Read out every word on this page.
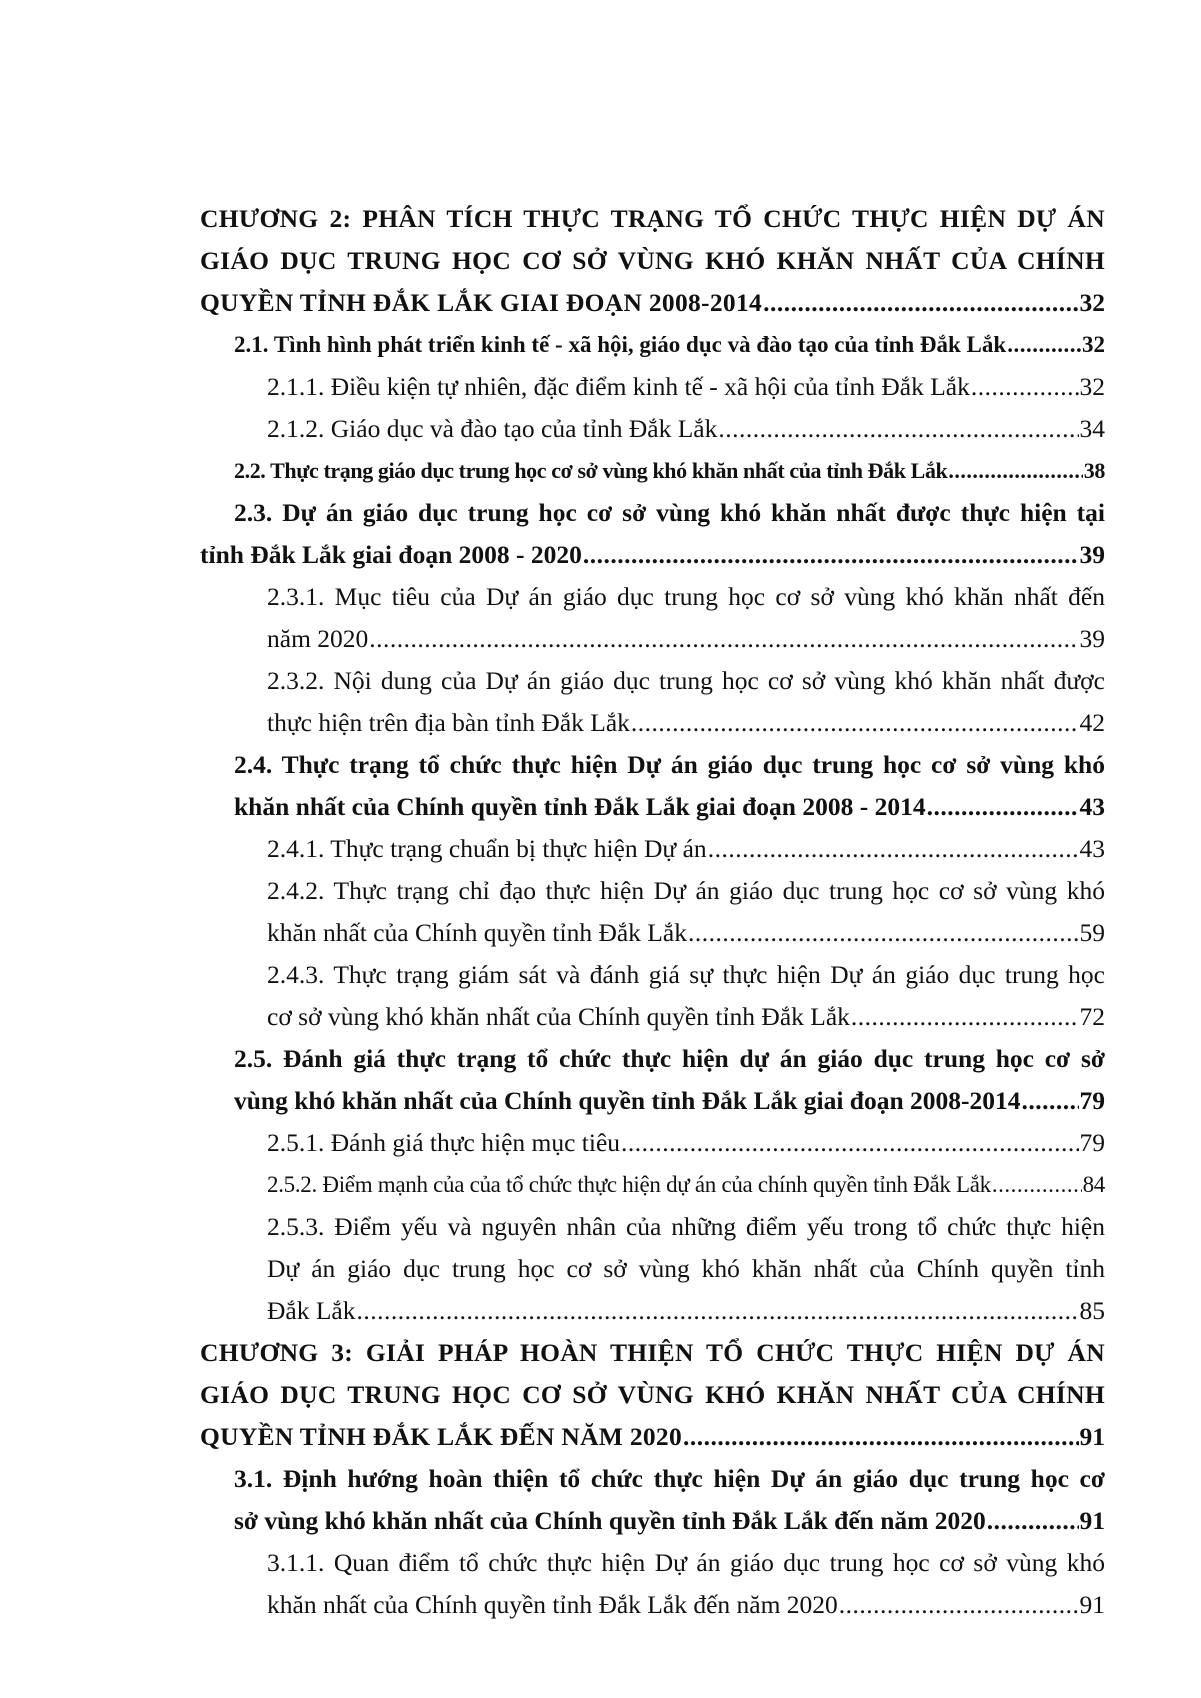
CHƯƠNG 2: PHÂN TÍCH THỰC TRẠNG TỔ CHỨC THỰC HIỆN DỰ ÁN
GIÁO DỤC TRUNG HỌC CƠ SỞ VÙNG KHÓ KHĂN NHẤT CỦA CHÍNH
QUYỀN TỈNH ĐẮK LẮK GIAI ĐOẠN 2008-2014 .....	32
2.1. Tình hình phát triển kinh tế - xã hội, giáo dục và đào tạo của tỉnh Đắk Lắk .....	32
2.1.1. Điều kiện tự nhiên, đặc điểm kinh tế - xã hội của tỉnh Đắk Lắk .....	32
2.1.2. Giáo dục và đào tạo của tỉnh Đắk Lắk .....	34
2.2. Thực trạng giáo dục trung học cơ sở vùng khó khăn nhất của tỉnh Đắk Lắk .....	38
2.3. Dự án giáo dục trung học cơ sở vùng khó khăn nhất được thực hiện tại
tỉnh Đắk Lắk giai đoạn 2008 - 2020 .....	39
2.3.1. Mục tiêu của Dự án giáo dục trung học cơ sở vùng khó khăn nhất đến
năm 2020 .....	39
2.3.2. Nội dung của Dự án giáo dục trung học cơ sở vùng khó khăn nhất được
thực hiện trên địa bàn tỉnh Đắk Lắk .....	42
2.4. Thực trạng tổ chức thực hiện Dự án giáo dục trung học cơ sở vùng khó
khăn nhất của Chính quyền tỉnh Đắk Lắk giai đoạn 2008 - 2014 .....	43
2.4.1. Thực trạng chuẩn bị thực hiện Dự án .....	43
2.4.2. Thực trạng chỉ đạo thực hiện Dự án giáo dục trung học cơ sở vùng khó
khăn nhất của Chính quyền tỉnh Đắk Lắk .....	59
2.4.3. Thực trạng giám sát và đánh giá sự thực hiện Dự án giáo dục trung học
cơ sở vùng khó khăn nhất của Chính quyền tỉnh Đắk Lắk .....	72
2.5. Đánh giá thực trạng tổ chức thực hiện dự án giáo dục trung học cơ sở
vùng khó khăn nhất của Chính quyền tỉnh Đắk Lắk giai đoạn 2008-2014 ..... 79
2.5.1. Đánh giá thực hiện mục tiêu .....	79
2.5.2. Điểm mạnh của của tổ chức thực hiện dự án của chính quyền tỉnh Đắk Lắk .....	84
2.5.3. Điểm yếu và nguyên nhân của những điểm yếu trong tổ chức thực hiện
Dự án giáo dục trung học cơ sở vùng khó khăn nhất của Chính quyền tỉnh
Đắk Lắk .....	85
CHƯƠNG 3: GIẢI PHÁP HOÀN THIỆN TỔ CHỨC THỰC HIỆN DỰ ÁN
GIÁO DỤC TRUNG HỌC CƠ SỞ VÙNG KHÓ KHĂN NHẤT CỦA CHÍNH
QUYỀN TỈNH ĐẮK LẮK ĐẾN NĂM 2020 .....	91
3.1. Định hướng hoàn thiện tổ chức thực hiện Dự án giáo dục trung học cơ
sở vùng khó khăn nhất của Chính quyền tỉnh Đắk Lắk đến năm 2020 .....	91
3.1.1. Quan điểm tổ chức thực hiện Dự án giáo dục trung học cơ sở vùng khó
khăn nhất của Chính quyền tỉnh Đắk Lắk đến năm 2020 .....	91
